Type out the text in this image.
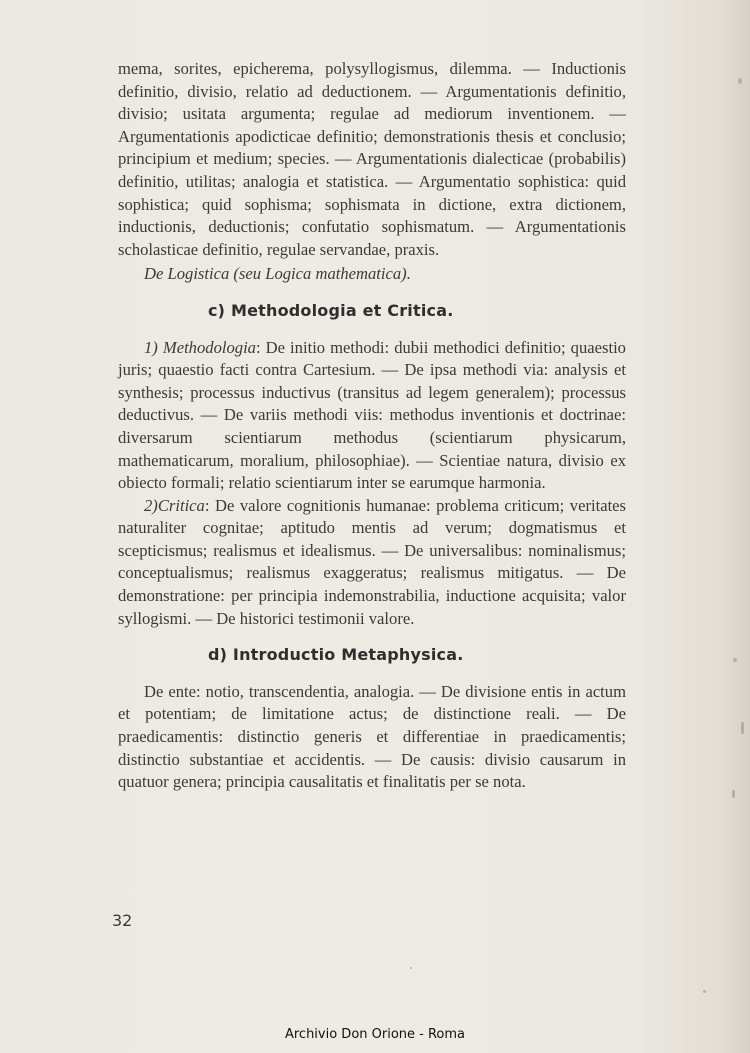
mema, sorites, epicherema, polysyllogismus, dilemma. — Inductionis definitio, divisio, relatio ad deductionem. — Argumentationis definitio, divisio; usitata argumenta; regulae ad mediorum inventionem. — Argumentationis apodicticae definitio; demonstrationis thesis et conclusio; principium et medium; species. — Argumentationis dialecticae (probabilis) definitio, utilitas; analogia et statistica. — Argumentatio sophistica: quid sophistica; quid sophisma; sophismata in dictione, extra dictionem, inductionis, deductionis; confutatio sophismatum. — Argumentationis scholasticae definitio, regulae servandae, praxis.

De Logistica (seu Logica mathematica).

c) Methodologia et Critica.

1) Methodologia: De initio methodi: dubii methodici definitio; quaestio juris; quaestio facti contra Cartesium. — De ipsa methodi via: analysis et synthesis; processus inductivus (transitus ad legem generalem); processus deductivus. — De variis methodi viis: methodus inventionis et doctrinae: diversarum scientiarum methodus (scientiarum physicarum, mathematicarum, moralium, philosophiae). — Scientiae natura, divisio ex obiecto formali; relatio scientiarum inter se earumque harmonia.

2)Critica: De valore cognitionis humanae: problema criticum; veritates naturaliter cognitae; aptitudo mentis ad verum; dogmatismus et scepticismus; realismus et idealismus. — De universalibus: nominalismus; conceptualismus; realismus exaggeratus; realismus mitigatus. — De demonstratione: per principia indemonstrabilia, inductione acquisita; valor syllogismi. — De historici testimonii valore.

d) Introductio Metaphysica.

De ente: notio, transcendentia, analogia. — De divisione entis in actum et potentiam; de limitatione actus; de distinctione reali. — De praedicamentis: distinctio generis et differentiae in praedicamentis; distinctio substantiae et accidentis. — De causis: divisio causarum in quatuor genera; principia causalitatis et finalitatis per se nota.

32
Archivio Don Orione - Roma
